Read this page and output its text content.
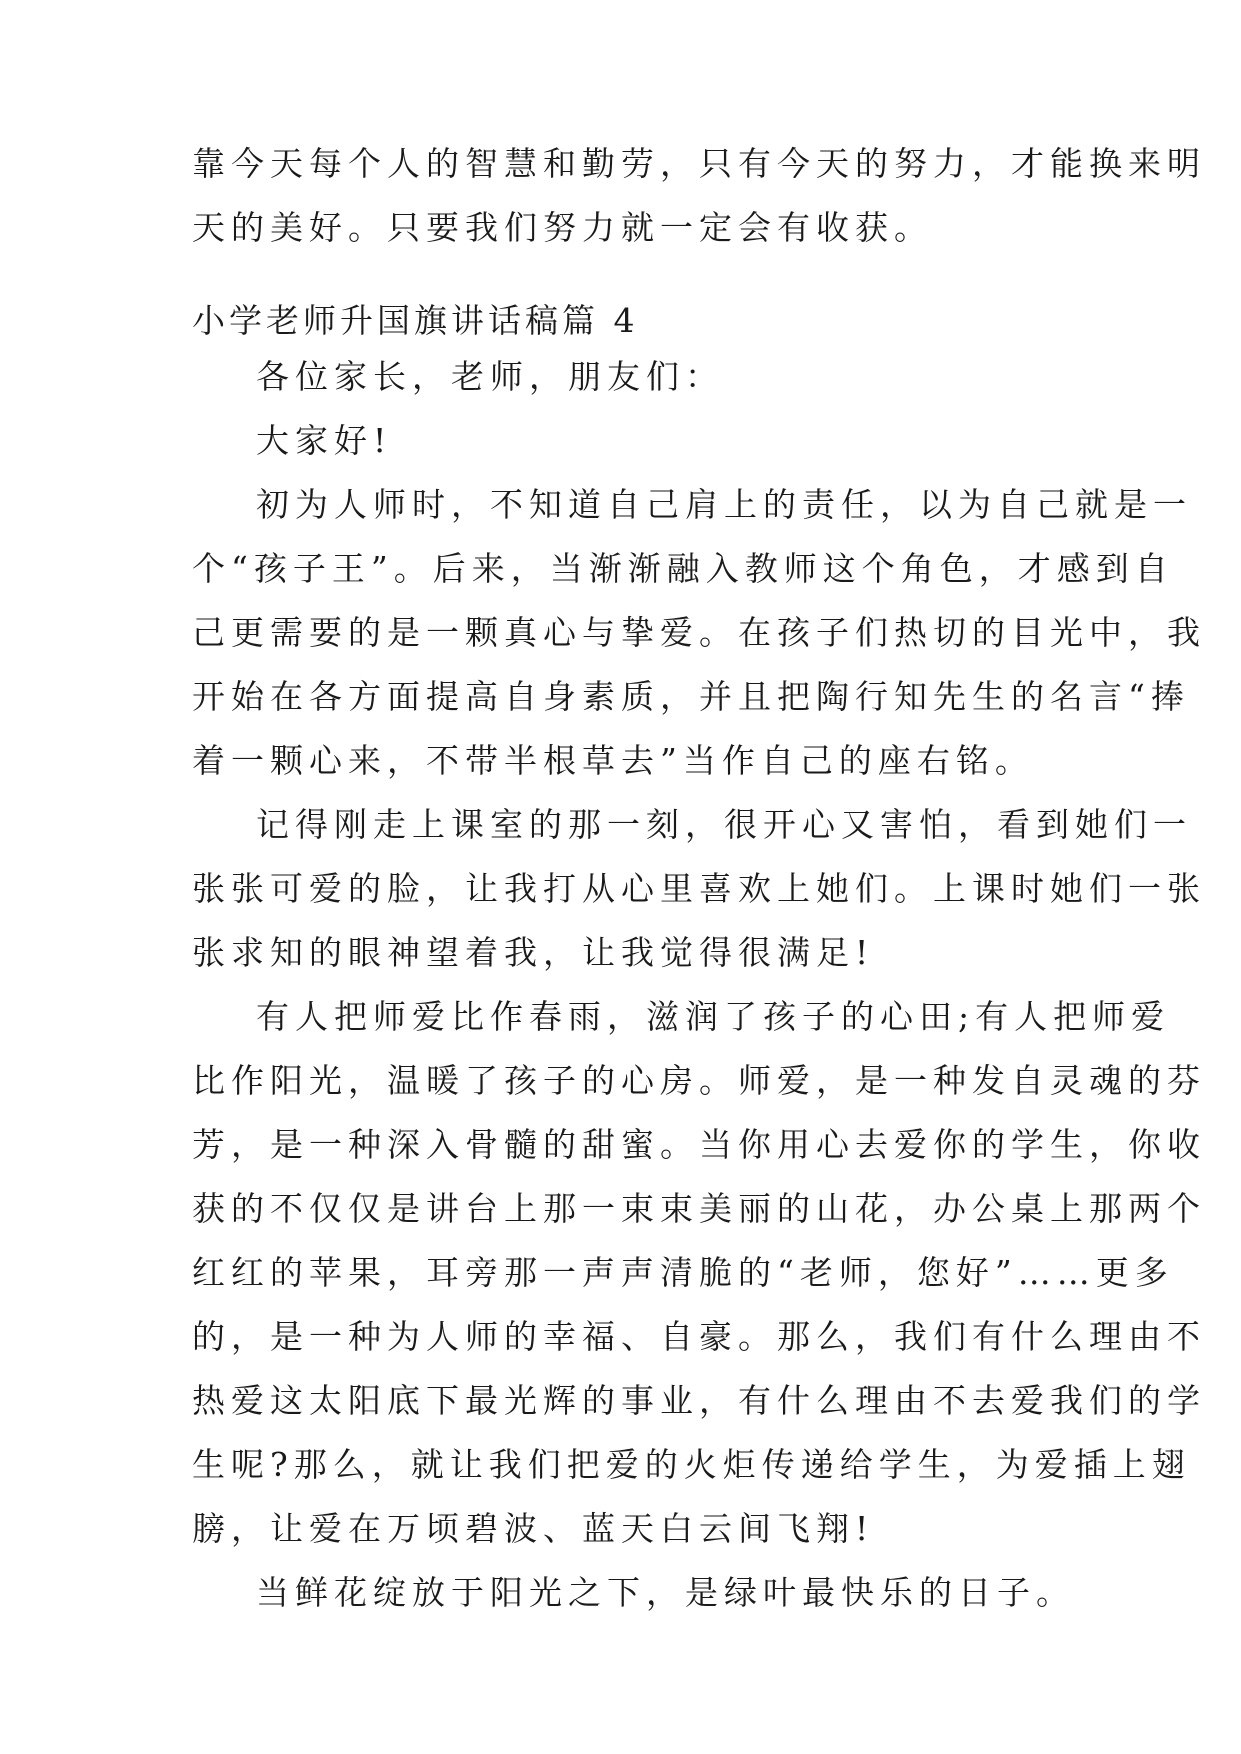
靠今天每个人的智慧和勤劳，只有今天的努力，才能换来明
天的美好。只要我们努力就一定会有收获。
小学老师升国旗讲话稿篇 4
各位家长，老师，朋友们：
大家好!
初为人师时，不知道自己肩上的责任，以为自己就是一
个“孩子王”。后来，当渐渐融入教师这个角色，才感到自
己更需要的是一颗真心与挚爱。在孩子们热切的目光中，我
开始在各方面提高自身素质，并且把陶行知先生的名言“捧
着一颗心来，不带半根草去”当作自己的座右铭。
记得刚走上课室的那一刻，很开心又害怕，看到她们一
张张可爱的脸，让我打从心里喜欢上她们。上课时她们一张
张求知的眼神望着我，让我觉得很满足!
有人把师爱比作春雨，滋润了孩子的心田;有人把师爱
比作阳光，温暖了孩子的心房。师爱，是一种发自灵魂的芬
芳，是一种深入骨髓的甜蜜。当你用心去爱你的学生，你收
获的不仅仅是讲台上那一束束美丽的山花，办公桌上那两个
红红的苹果，耳旁那一声声清脆的“老师，您好”……更多
的，是一种为人师的幸福、自豪。那么，我们有什么理由不
热爱这太阳底下最光辉的事业，有什么理由不去爱我们的学
生呢?那么，就让我们把爱的火炬传递给学生，为爱插上翅
膀，让爱在万顷碧波、蓝天白云间飞翔!
当鲜花绽放于阳光之下，是绿叶最快乐的日子。
